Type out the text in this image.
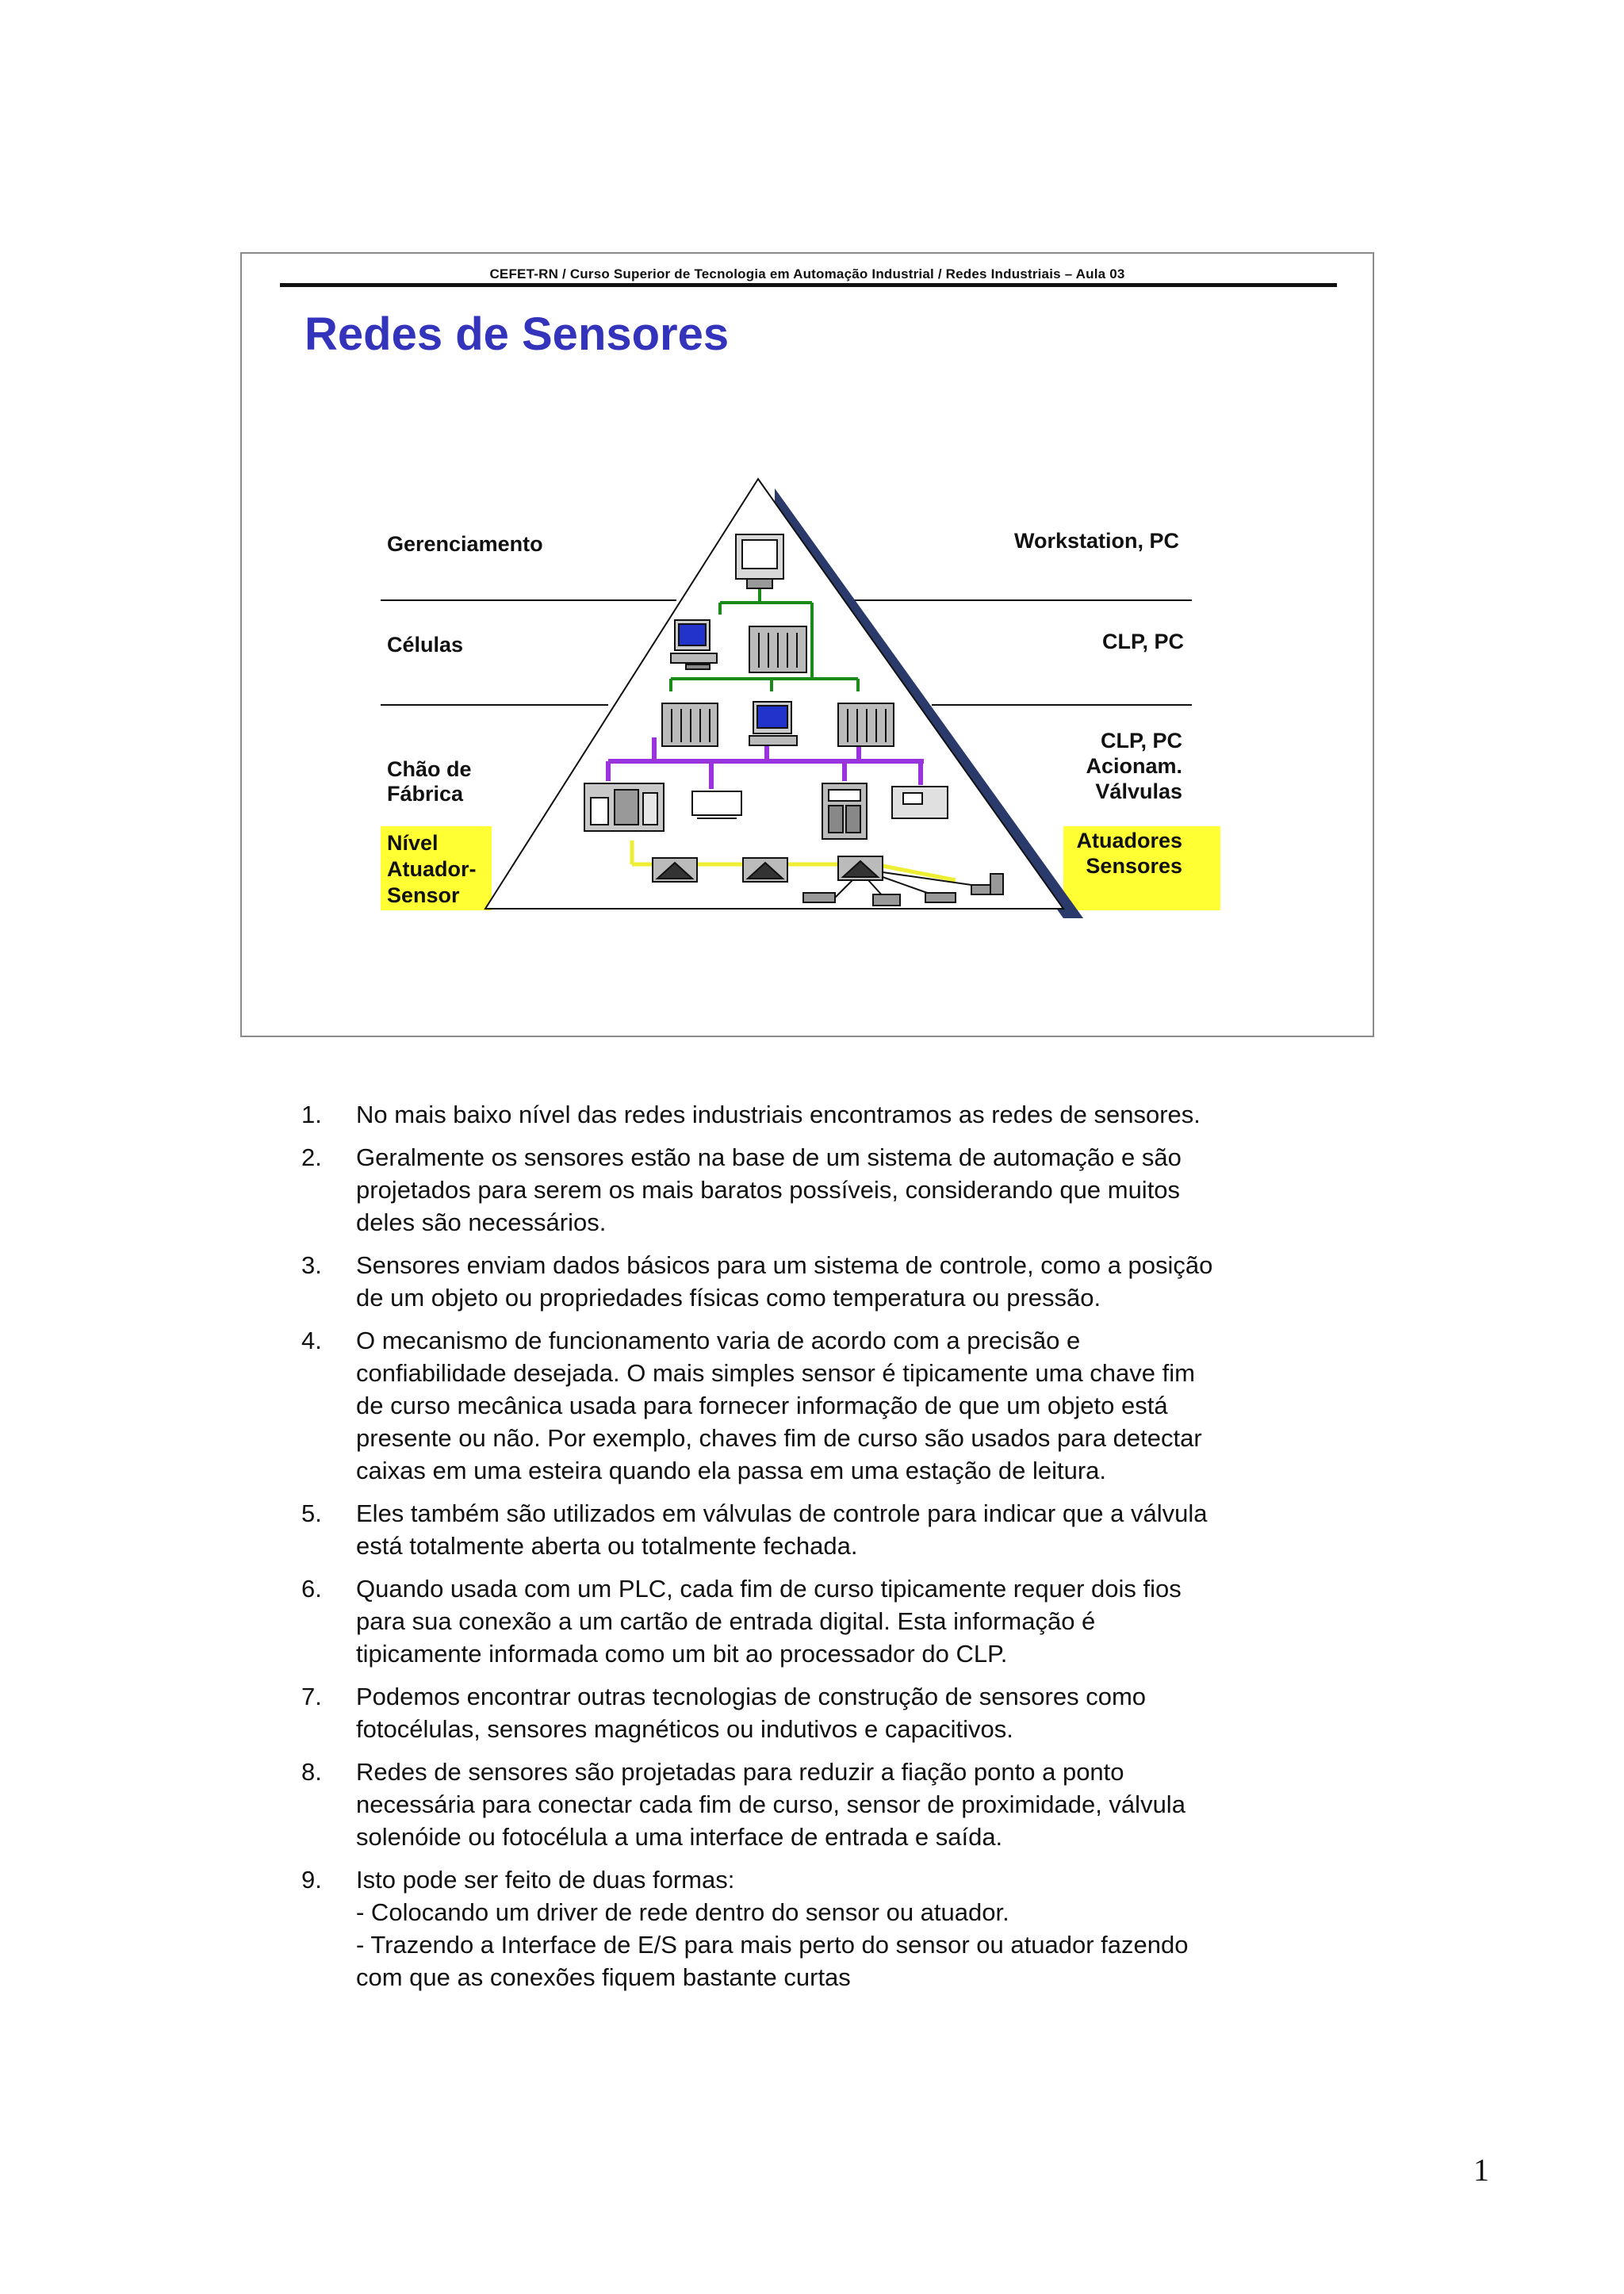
CEFET-RN / Curso Superior de Tecnologia em Automação Industrial / Redes Industriais – Aula 03
Redes de Sensores
Gerenciamento
Células
Chão de
Fábrica
Nível
Atuador-
Sensor
Workstation, PC
CLP, PC
CLP, PC
Acionam.
Válvulas
Atuadores
Sensores
1.	No mais baixo nível das redes industriais encontramos as redes de sensores.
2.	Geralmente os sensores estão na base de um sistema de automação e são
projetados para serem os mais baratos possíveis, considerando que muitos
deles são necessários.
3.	Sensores enviam dados básicos para um sistema de controle, como a posição
de um objeto ou propriedades físicas como temperatura ou pressão.
4.	O mecanismo de funcionamento varia de acordo com a precisão e
confiabilidade desejada. O mais simples sensor é tipicamente uma chave fim
de curso mecânica usada para fornecer informação de que um objeto está
presente ou não. Por exemplo, chaves fim de curso são usados para detectar
caixas em uma esteira quando ela passa em uma estação de leitura.
5.	Eles também são utilizados em válvulas de controle para indicar que a válvula
está totalmente aberta ou totalmente fechada.
6.	Quando usada com um PLC, cada fim de curso tipicamente requer dois fios
para sua conexão a um cartão de entrada digital. Esta informação é
tipicamente informada como um bit ao processador do CLP.
7.	Podemos encontrar outras tecnologias de construção de sensores como
fotocélulas, sensores magnéticos ou indutivos e capacitivos.
8.	Redes de sensores são projetadas para reduzir a fiação ponto a ponto
necessária para conectar cada fim de curso, sensor de proximidade, válvula
solenóide ou fotocélula a uma interface de entrada e saída.
9.	Isto pode ser feito de duas formas:
- Colocando um driver de rede dentro do sensor ou atuador.
- Trazendo a Interface de E/S para mais perto do sensor ou atuador fazendo
com que as conexões fiquem bastante curtas
1
